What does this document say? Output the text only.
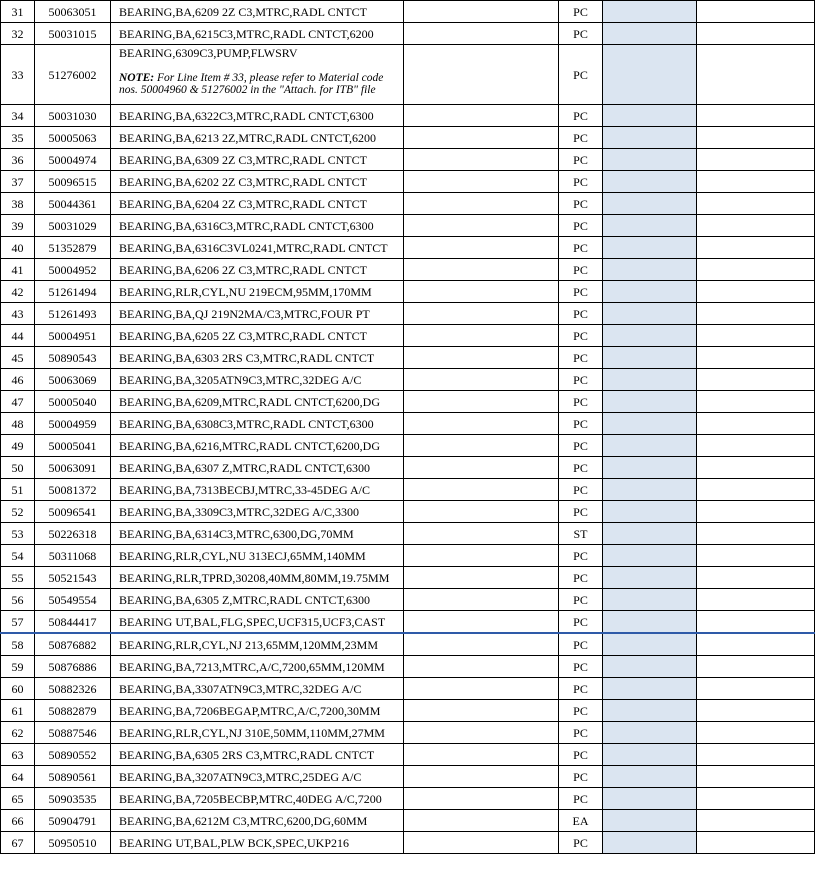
31	50063051	BEARING,BA,6209 2Z C3,MTRC,RADL CNTCT		PC		
32	50031015	BEARING,BA,6215C3,MTRC,RADL CNTCT,6200		PC		
33	51276002	BEARING,6309C3,PUMP,FLWSRV
NOTE: For Line Item # 33, please refer to Material code nos. 50004960 & 51276002 in the "Attach. for ITB" file		PC		
34	50031030	BEARING,BA,6322C3,MTRC,RADL CNTCT,6300		PC		
35	50005063	BEARING,BA,6213 2Z,MTRC,RADL CNTCT,6200		PC		
36	50004974	BEARING,BA,6309 2Z C3,MTRC,RADL CNTCT		PC		
37	50096515	BEARING,BA,6202 2Z C3,MTRC,RADL CNTCT		PC		
38	50044361	BEARING,BA,6204 2Z C3,MTRC,RADL CNTCT		PC		
39	50031029	BEARING,BA,6316C3,MTRC,RADL CNTCT,6300		PC		
40	51352879	BEARING,BA,6316C3VL0241,MTRC,RADL CNTCT		PC		
41	50004952	BEARING,BA,6206 2Z C3,MTRC,RADL CNTCT		PC		
42	51261494	BEARING,RLR,CYL,NU 219ECM,95MM,170MM		PC		
43	51261493	BEARING,BA,QJ 219N2MA/C3,MTRC,FOUR PT		PC		
44	50004951	BEARING,BA,6205 2Z C3,MTRC,RADL CNTCT		PC		
45	50890543	BEARING,BA,6303 2RS C3,MTRC,RADL CNTCT		PC		
46	50063069	BEARING,BA,3205ATN9C3,MTRC,32DEG A/C		PC		
47	50005040	BEARING,BA,6209,MTRC,RADL CNTCT,6200,DG		PC		
48	50004959	BEARING,BA,6308C3,MTRC,RADL CNTCT,6300		PC		
49	50005041	BEARING,BA,6216,MTRC,RADL CNTCT,6200,DG		PC		
50	50063091	BEARING,BA,6307 Z,MTRC,RADL CNTCT,6300		PC		
51	50081372	BEARING,BA,7313BECBJ,MTRC,33-45DEG A/C		PC		
52	50096541	BEARING,BA,3309C3,MTRC,32DEG A/C,3300		PC		
53	50226318	BEARING,BA,6314C3,MTRC,6300,DG,70MM		ST		
54	50311068	BEARING,RLR,CYL,NU 313ECJ,65MM,140MM		PC		
55	50521543	BEARING,RLR,TPRD,30208,40MM,80MM,19.75MM		PC		
56	50549554	BEARING,BA,6305 Z,MTRC,RADL CNTCT,6300		PC		
57	50844417	BEARING UT,BAL,FLG,SPEC,UCF315,UCF3,CAST		PC		
58	50876882	BEARING,RLR,CYL,NJ 213,65MM,120MM,23MM		PC		
59	50876886	BEARING,BA,7213,MTRC,A/C,7200,65MM,120MM		PC		
60	50882326	BEARING,BA,3307ATN9C3,MTRC,32DEG A/C		PC		
61	50882879	BEARING,BA,7206BEGAP,MTRC,A/C,7200,30MM		PC		
62	50887546	BEARING,RLR,CYL,NJ 310E,50MM,110MM,27MM		PC		
63	50890552	BEARING,BA,6305 2RS C3,MTRC,RADL CNTCT		PC		
64	50890561	BEARING,BA,3207ATN9C3,MTRC,25DEG A/C		PC		
65	50903535	BEARING,BA,7205BECBP,MTRC,40DEG A/C,7200		PC		
66	50904791	BEARING,BA,6212M C3,MTRC,6200,DG,60MM		EA		
67	50950510	BEARING UT,BAL,PLW BCK,SPEC,UKP216		PC		
